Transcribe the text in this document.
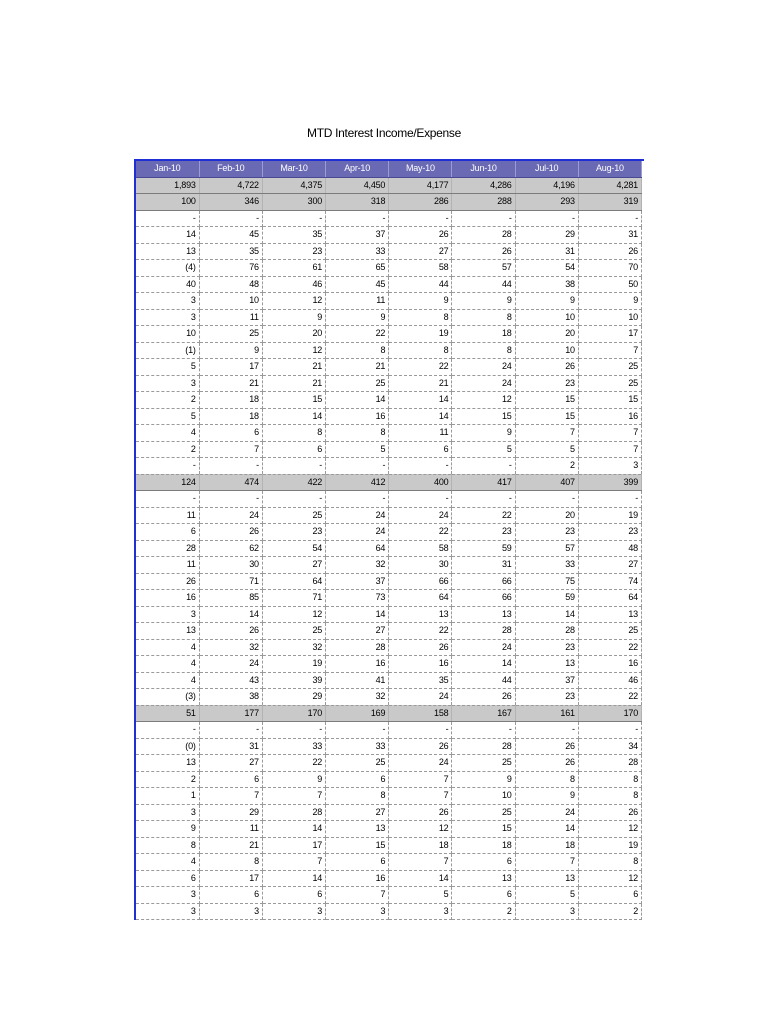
MTD Interest Income/Expense
Jan-10	Feb-10	Mar-10	Apr-10	May-10	Jun-10	Jul-10	Aug-10
1,893	4,722	4,375	4,450	4,177	4,286	4,196	4,281
100	346	300	318	286	288	293	319
-	-	-	-	-	-	-	-
14	45	35	37	26	28	29	31
13	35	23	33	27	26	31	26
(4)	76	61	65	58	57	54	70
40	48	46	45	44	44	38	50
3	10	12	11	9	9	9	9
3	11	9	9	8	8	10	10
10	25	20	22	19	18	20	17
(1)	9	12	8	8	8	10	7
5	17	21	21	22	24	26	25
3	21	21	25	21	24	23	25
2	18	15	14	14	12	15	15
5	18	14	16	14	15	15	16
4	6	8	8	11	9	7	7
2	7	6	5	6	5	5	7
-	-	-	-	-	-	2	3
124	474	422	412	400	417	407	399
-	-	-	-	-	-	-	-
11	24	25	24	24	22	20	19
6	26	23	24	22	23	23	23
28	62	54	64	58	59	57	48
11	30	27	32	30	31	33	27
26	71	64	37	66	66	75	74
16	85	71	73	64	66	59	64
3	14	12	14	13	13	14	13
13	26	25	27	22	28	28	25
4	32	32	28	26	24	23	22
4	24	19	16	16	14	13	16
4	43	39	41	35	44	37	46
(3)	38	29	32	24	26	23	22
51	177	170	169	158	167	161	170
-	-	-	-	-	-	-	-
(0)	31	33	33	26	28	26	34
13	27	22	25	24	25	26	28
2	6	9	6	7	9	8	8
1	7	7	8	7	10	9	8
3	29	28	27	26	25	24	26
9	11	14	13	12	15	14	12
8	21	17	15	18	18	18	19
4	8	7	6	7	6	7	8
6	17	14	16	14	13	13	12
3	6	6	7	5	6	5	6
3	3	3	3	3	2	3	2
